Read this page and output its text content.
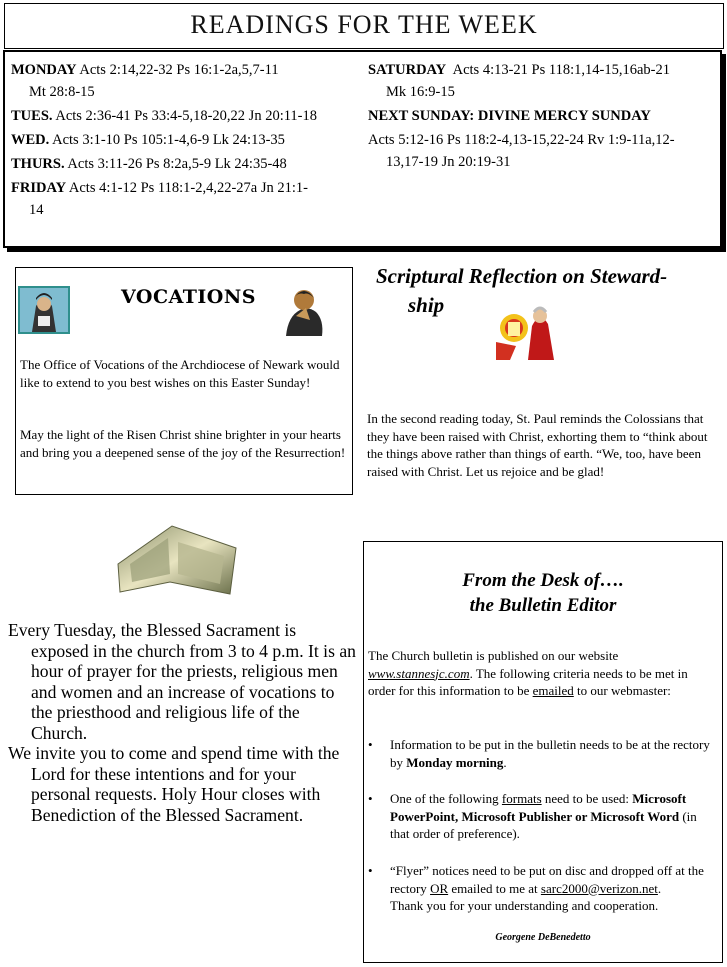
READINGS FOR THE WEEK
MONDAY Acts 2:14,22-32 Ps 16:1-2a,5,7-11
Mt 28:8-15
TUES. Acts 2:36-41 Ps 33:4-5,18-20,22 Jn 20:11-18
WED. Acts 3:1-10 Ps 105:1-4,6-9 Lk 24:13-35
THURS. Acts 3:11-26 Ps 8:2a,5-9 Lk 24:35-48
FRIDAY Acts 4:1-12 Ps 118:1-2,4,22-27a Jn 21:1-
14
SATURDAY Acts 4:13-21 Ps 118:1,14-15,16ab-21
Mk 16:9-15
NEXT SUNDAY: DIVINE MERCY SUNDAY
Acts 5:12-16 Ps 118:2-4,13-15,22-24 Rv 1:9-11a,12-
13,17-19 Jn 20:19-31
VOCATIONS
The Office of Vocations of the Archdiocese of Newark would like to extend to you best wishes on this Easter Sunday!
May the light of the Risen Christ shine brighter in your hearts and bring you a deepened sense of the joy of the Resurrection!
Scriptural Reflection on Steward-
ship
In the second reading today, St. Paul reminds the Colossians that they have been raised with Christ, exhorting them to “think about the things above rather than things of earth. “We, too, have been raised with Christ. Let us rejoice and be glad!

Every Tuesday, the Blessed Sacrament is exposed in the church from 3 to 4 p.m. It is an hour of prayer for the priests, religious men and women and an increase of vocations to the priesthood and religious life of the Church.

We invite you to come and spend time with the Lord for these intentions and for your personal requests. Holy Hour closes with Benediction of the Blessed Sacrament.

From the Desk of….
the Bulletin Editor
The Church bulletin is published on our website www.stannesjc.com. The following criteria needs to be met in order for this information to be emailed to our webmaster:
•	Information to be put in the bulletin needs to be at the rectory by Monday morning.
•	One of the following formats need to be used: Microsoft PowerPoint, Microsoft Publisher or Microsoft Word (in that order of preference).
•	“Flyer” notices need to be put on disc and dropped off at the rectory OR emailed to me at sarc2000@verizon.net.
Thank you for your understanding and cooperation.
Georgene DeBenedetto
